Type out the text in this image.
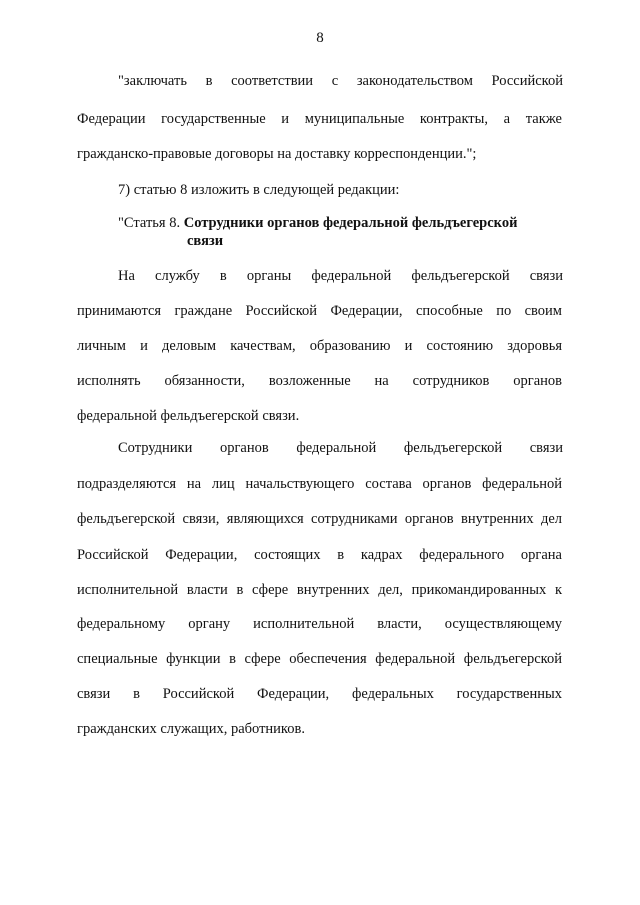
8
"заключать в соответствии с законодательством Российской
Федерации государственные и муниципальные контракты, а также
гражданско-правовые договоры на доставку корреспонденции.";
7) статью 8 изложить в следующей редакции:
"Статья 8. Сотрудники органов федеральной фельдъегерской
связи
На службу в органы федеральной фельдъегерской связи
принимаются граждане Российской Федерации, способные по своим
личным и деловым качествам, образованию и состоянию здоровья
исполнять обязанности, возложенные на сотрудников органов
федеральной фельдъегерской связи.
Сотрудники органов федеральной фельдъегерской связи
подразделяются на лиц начальствующего состава органов федеральной
фельдъегерской связи, являющихся сотрудниками органов внутренних дел
Российской Федерации, состоящих в кадрах федерального органа
исполнительной власти в сфере внутренних дел, прикомандированных к
федеральному органу исполнительной власти, осуществляющему
специальные функции в сфере обеспечения федеральной фельдъегерской
связи в Российской Федерации, федеральных государственных
гражданских служащих, работников.
